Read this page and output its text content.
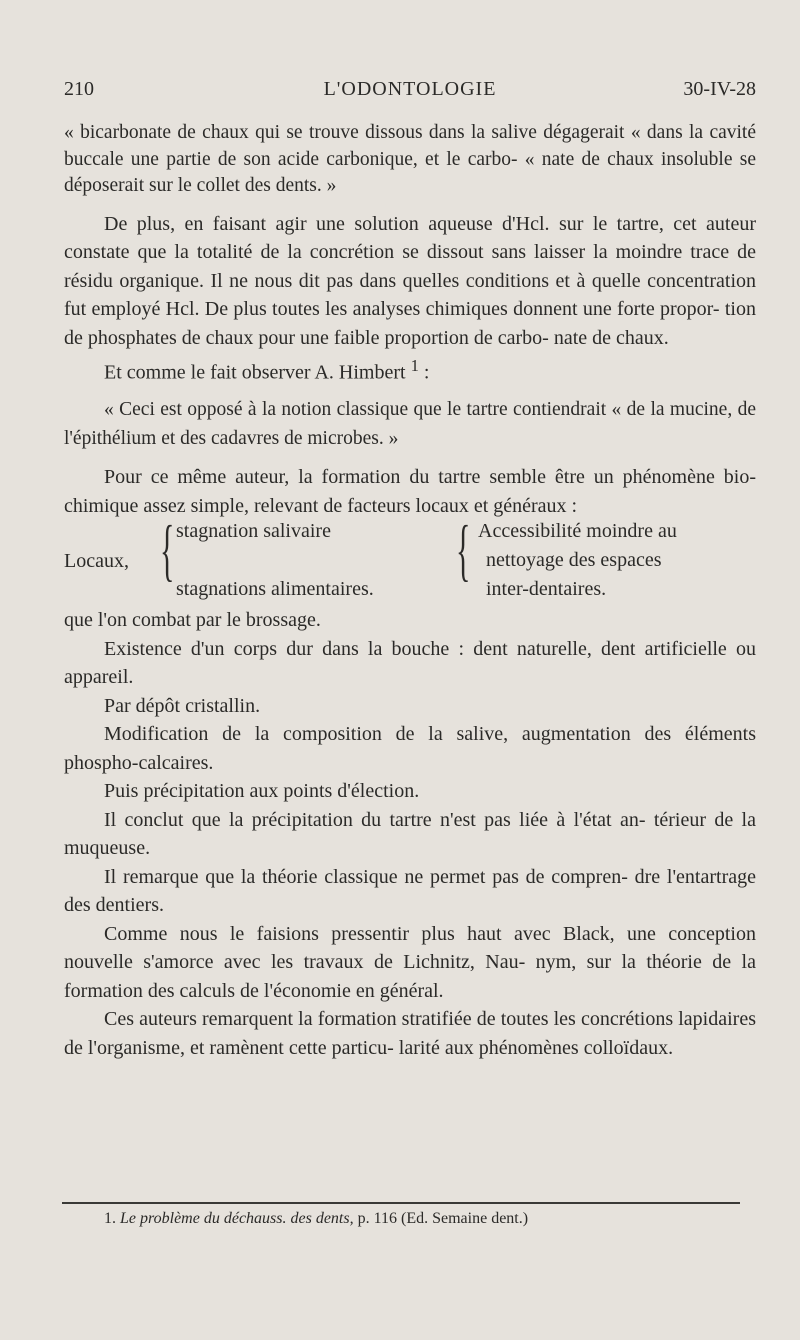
210	L'ODONTOLOGIE	30-IV-28

« bicarbonate de chaux qui se trouve dissous dans la salive dégagerait « dans la cavité buccale une partie de son acide carbonique, et le carbo- « nate de chaux insoluble se déposerait sur le collet des dents. »

De plus, en faisant agir une solution aqueuse d'Hcl. sur le tartre, cet auteur constate que la totalité de la concrétion se dissout sans laisser la moindre trace de résidu organique. Il ne nous dit pas dans quelles conditions et à quelle concentration fut employé Hcl. De plus toutes les analyses chimiques donnent une forte propor- tion de phosphates de chaux pour une faible proportion de carbo- nate de chaux.

Et comme le fait observer A. Himbert $^1$ :

« Ceci est opposé à la notion classique que le tartre contiendrait « de la mucine, de l'épithélium et des cadavres de microbes. »

Pour ce même auteur, la formation du tartre semble être un phénomène bio-chimique assez simple, relevant de facteurs locaux et généraux :

Locaux, { stagnation salivaire
stagnations alimentaires.	{ Accessibilité moindre au
nettoyage des espaces
inter-dentaires.

que l'on combat par le brossage.

Existence d'un corps dur dans la bouche : dent naturelle, dent artificielle ou appareil.

Par dépôt cristallin.

Modification de la composition de la salive, augmentation des éléments phospho-calcaires.

Puis précipitation aux points d'élection.

Il conclut que la précipitation du tartre n'est pas liée à l'état an- térieur de la muqueuse.

Il remarque que la théorie classique ne permet pas de compren- dre l'entartrage des dentiers.

Comme nous le faisions pressentir plus haut avec Black, une conception nouvelle s'amorce avec les travaux de Lichnitz, Nau- nym, sur la théorie de la formation des calculs de l'économie en général.

Ces auteurs remarquent la formation stratifiée de toutes les concrétions lapidaires de l'organisme, et ramènent cette particu- larité aux phénomènes colloïdaux.

1. Le problème du déchauss. des dents, p. 116 (Ed. Semaine dent.)
